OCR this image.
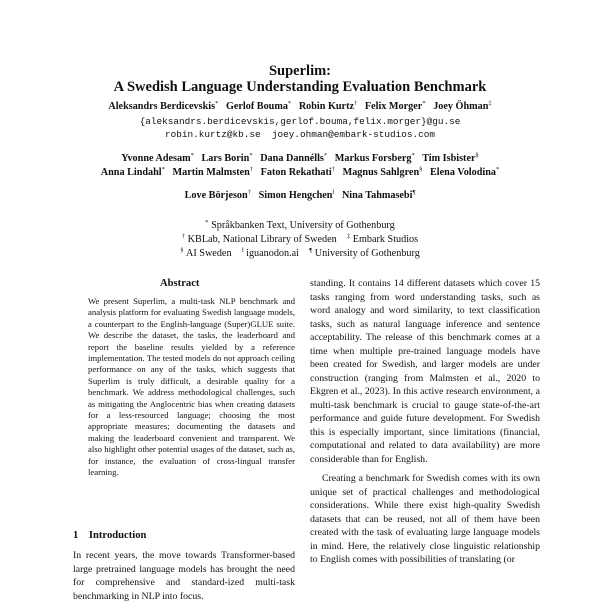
Superlim:
A Swedish Language Understanding Evaluation Benchmark
Aleksandrs Berdicevskis* Gerlof Bouma* Robin Kurtz† Felix Morger* Joey Öhman‡
{aleksandrs.berdicevskis,gerlof.bouma,felix.morger}@gu.se
robin.kurtz@kb.se  joey.ohman@embark-studios.com
Yvonne Adesam* Lars Borin* Dana Dannélls* Markus Forsberg* Tim Isbister§
Anna Lindahl* Martin Malmsten† Faton Rekathati† Magnus Sahlgren§ Elena Volodina*
Love Börjeson† Simon Hengchen‖ Nina Tahmasebi¶
* Språkbanken Text, University of Gothenburg
† KBLab, National Library of Sweden ‡ Embark Studios
§ AI Sweden ‖ iguanodon.ai ¶ University of Gothenburg
Abstract

We present Superlim, a multi-task NLP benchmark and analysis platform for evaluating Swedish language models, a counterpart to the English-language (Super)GLUE suite. We describe the dataset, the tasks, the leaderboard and report the baseline results yielded by a reference implementation. The tested models do not approach ceiling performance on any of the tasks, which suggests that Superlim is truly difficult, a desirable quality for a benchmark. We address methodological challenges, such as mitigating the Anglocentric bias when creating datasets for a less-resourced language; choosing the most appropriate measures; documenting the datasets and making the leaderboard convenient and transparent. We also highlight other potential usages of the dataset, such as, for instance, the evaluation of cross-lingual transfer learning.

1 Introduction

In recent years, the move towards Transformer-based large pretrained language models has brought the need for comprehensive and standard-ized multi-task benchmarking in NLP into focus.

standing. It contains 14 different datasets which cover 15 tasks ranging from word understanding tasks, such as word analogy and word similarity, to text classification tasks, such as natural language inference and sentence acceptability. The release of this benchmark comes at a time when multiple pre-trained language models have been created for Swedish, and larger models are under construction (ranging from Malmsten et al., 2020 to Ekgren et al., 2023). In this active research environment, a multi-task benchmark is crucial to gauge state-of-the-art performance and guide future development. For Swedish this is especially important, since limitations (financial, computational and related to data availability) are more considerable than for English.

Creating a benchmark for Swedish comes with its own unique set of practical challenges and methodological considerations. While there exist high-quality Swedish datasets that can be reused, not all of them have been created with the task of evaluating large language models in mind. Here, the relatively close linguistic relationship to English comes with possibilities of translating (or
